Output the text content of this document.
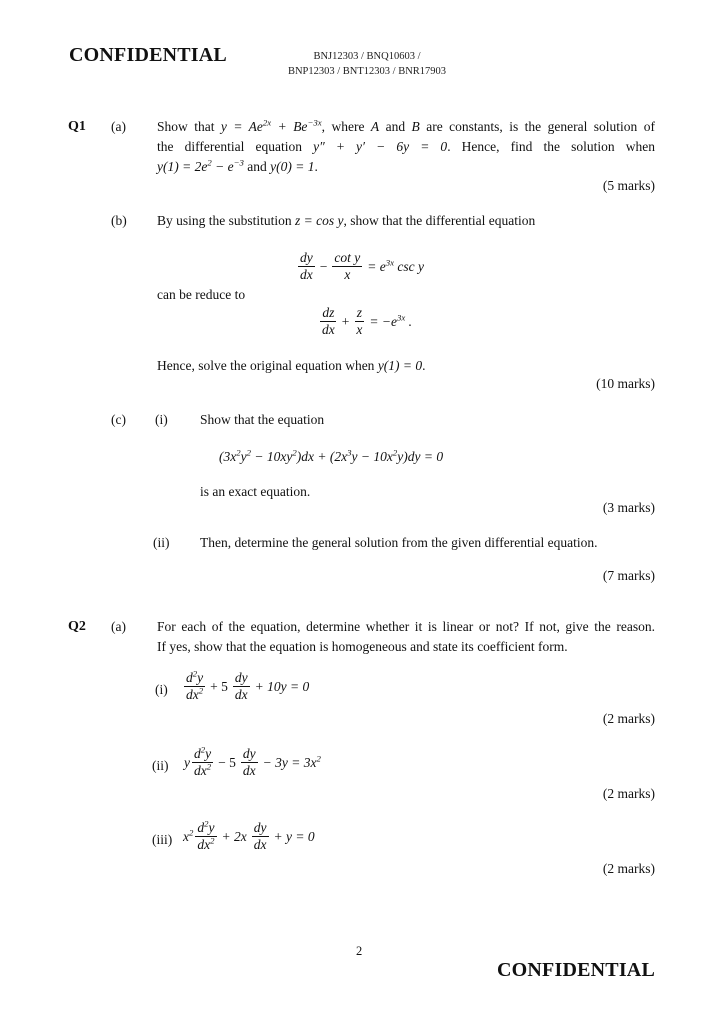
CONFIDENTIAL	BNJ12303 / BNQ10603 /
BNP12303 / BNT12303 / BNR17903
Q1 (a) Show that $y = Ae^{2x} + Be^{-3x}$, where A and B are constants, is the general solution of
the differential equation y″ + y′ − 6y = 0. Hence, find the solution when
$y(1) = 2e^2 - e^{-3}$ and y(0) = 1.
(5 marks)
(b) By using the substitution z = cos y, show that the differential equation
$\frac{dy}{dx} - \frac{\text{cot y}}{x} = e^{3x}$ csc y
can be reduce to
$\frac{dz}{dx} + \frac{z}{x} = -e^{3x}$ .
Hence, solve the original equation when y(1) = 0.
(10 marks)
(c) (i) Show that the equation
$(3x^2y^2 - 10xy^2)dx + (2x^3y - 10x^2y)dy = 0$
is an exact equation.
(3 marks)
(ii) Then, determine the general solution from the given differential equation.
(7 marks)
Q2 (a) For each of the equation, determine whether it is linear or not? If not, give the reason.
If yes, show that the equation is homogeneous and state its coefficient form.
$(i) \frac{d^2y}{dx^2} + 5 \frac{dy}{dx} + 10y = 0$
(2 marks)
(ii) y $\frac{d^2y}{dx^2} - 5 \frac{dy}{dx} - 3y = 3x^2$
(2 marks)
(iii) $x^2 \frac{d^2y}{dx^2} + 2x \frac{dy}{dx} + y = 0$
(2 marks)
2
CONFIDENTIAL
